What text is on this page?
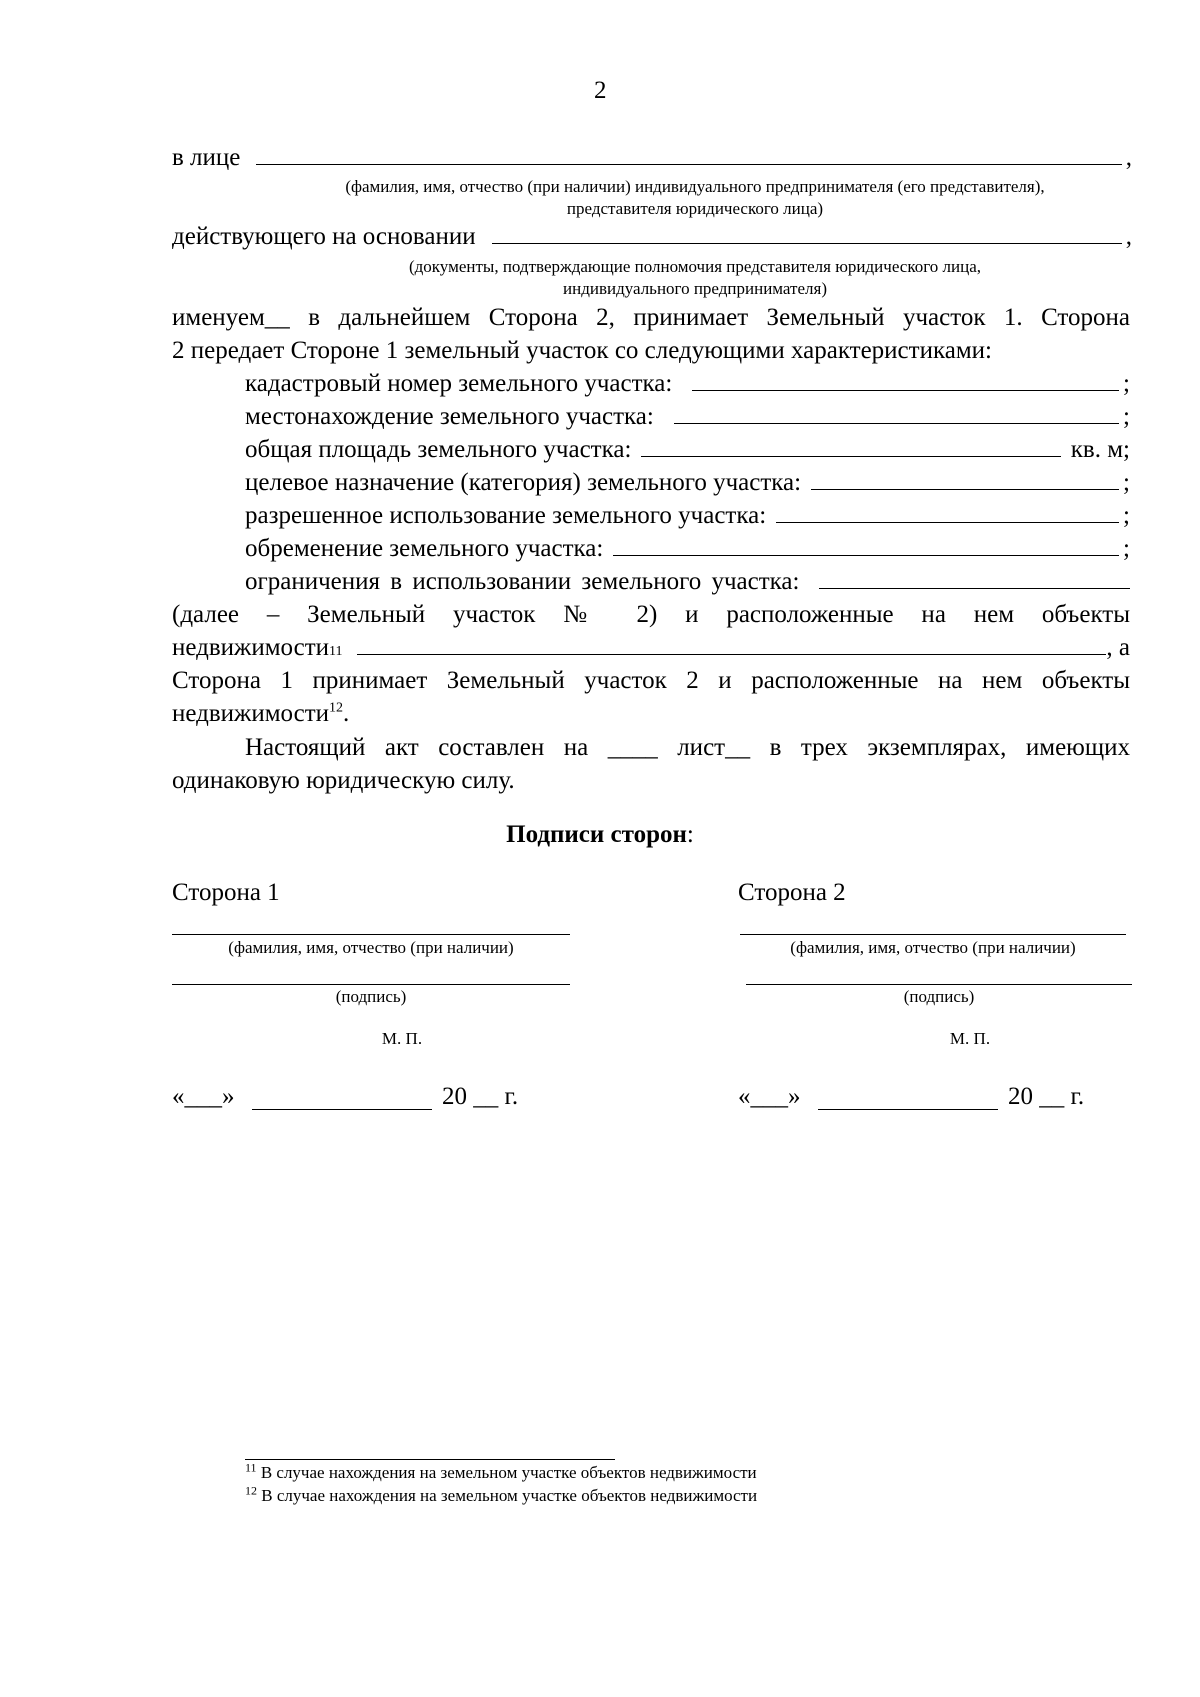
2
в лице	,
(фамилия, имя, отчество (при наличии) индивидуального предпринимателя (его представителя),
представителя юридического лица)
действующего на основании	,
(документы, подтверждающие полномочия представителя юридического лица,
индивидуального предпринимателя)
именуем__ в дальнейшем Сторона 2, принимает Земельный участок 1. Сторона
2 передает Стороне 1 земельный участок со следующими характеристиками:
кадастровый номер земельного участка:	;
местонахождение земельного участка:	;
общая площадь земельного участка:	кв. м;
целевое назначение (категория) земельного участка:	;
разрешенное использование земельного участка:	;
обременение земельного участка:	;
ограничения в использовании земельного участка:
(далее – Земельный участок № 2) и расположенные на нем объекты
недвижимости 11	, а
Сторона 1 принимает Земельный участок 2 и расположенные на нем объекты
недвижимости$^{12}$.
Настоящий акт составлен на ____ лист__ в трех экземплярах, имеющих
одинаковую юридическую силу.
Подписи сторон:
Сторона 1
(фамилия, имя, отчество (при наличии)
(подпись)
М. П.
«___»	20 __ г.
Сторона 2
(фамилия, имя, отчество (при наличии)
(подпись)
М. П.
«___»	20 __ г.
$^{11}$ В случае нахождения на земельном участке объектов недвижимости
$^{12}$ В случае нахождения на земельном участке объектов недвижимости
